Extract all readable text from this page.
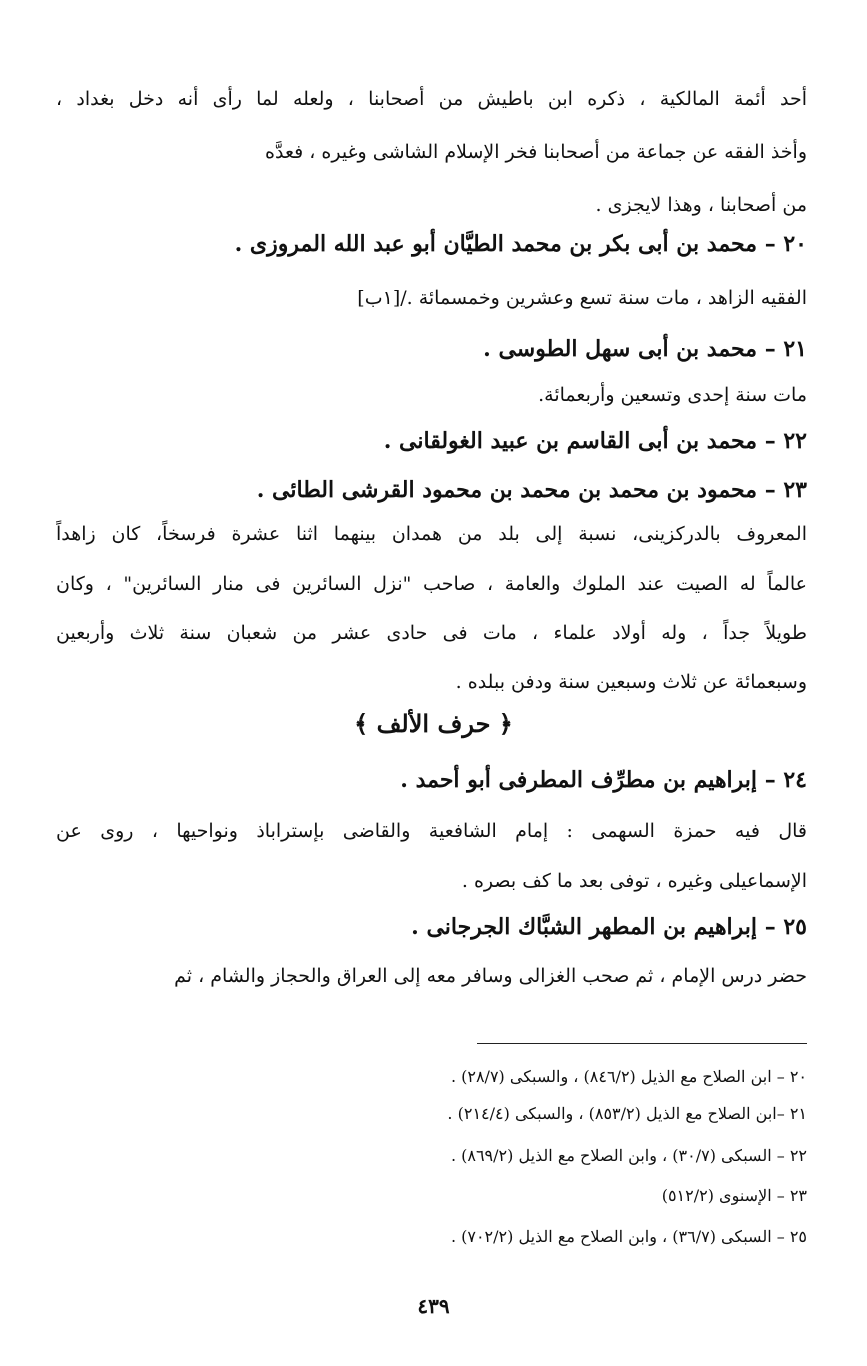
أحد أئمة المالكية ، ذكره ابن باطيش من أصحابنا ، ولعله لما رأى أنه دخل بغداد ،
وأخذ الفقه عن جماعة من أصحابنا فخر الإسلام الشاشى وغيره ، فعدَّه
من أصحابنا ، وهذا لايجزى .
٢٠ – محمد بن أبى بكر بن محمد الطيَّان أبو عبد الله المروزى .
الفقيه الزاهد ، مات سنة تسع وعشرين وخمسمائة ./[١ب]
٢١ – محمد بن أبى سهل الطوسى .
مات سنة إحدى وتسعين وأربعمائة.
٢٢ – محمد بن أبى القاسم بن عبيد الغولقانى .
٢٣ – محمود بن محمد بن محمد بن محمود القرشى الطائى .
المعروف بالدركزينى، نسبة إلى بلد من همدان بينهما اثنا عشرة فرسخاً، كان زاهداً
عالماً له الصيت عند الملوك والعامة ، صاحب "نزل السائرين فى منار السائرين" ، وكان
طويلاً جداً ، وله أولاد علماء ، مات فى حادى عشر من شعبان سنة ثلاث وأربعين
وسبعمائة عن ثلاث وسبعين سنة ودفن ببلده .
﴿ حرف الألف ﴾
٢٤ – إبراهيم بن مطرِّف المطرفى أبو أحمد .
قال فيه حمزة السهمى : إمام الشافعية والقاضى بإستراباذ ونواحيها ، روى عن
الإسماعيلى وغيره ، توفى بعد ما كف بصره .
٢٥ – إبراهيم بن المطهر الشبَّاك الجرجانى .
حضر درس الإمام ، ثم صحب الغزالى وسافر معه إلى العراق والحجاز والشام ، ثم
٢٠ – ابن الصلاح مع الذيل (٨٤٦/٢) ، والسبكى (٢٨/٧) .
٢١ –ابن الصلاح مع الذيل (٨٥٣/٢) ، والسبكى (٢١٤/٤) .
٢٢ – السبكى (٣٠/٧) ، وابن الصلاح مع الذيل (٨٦٩/٢) .
٢٣ – الإسنوى (٥١٢/٢)
٢٥ – السبكى (٣٦/٧) ، وابن الصلاح مع الذيل (٧٠٢/٢) .
٤٣٩
